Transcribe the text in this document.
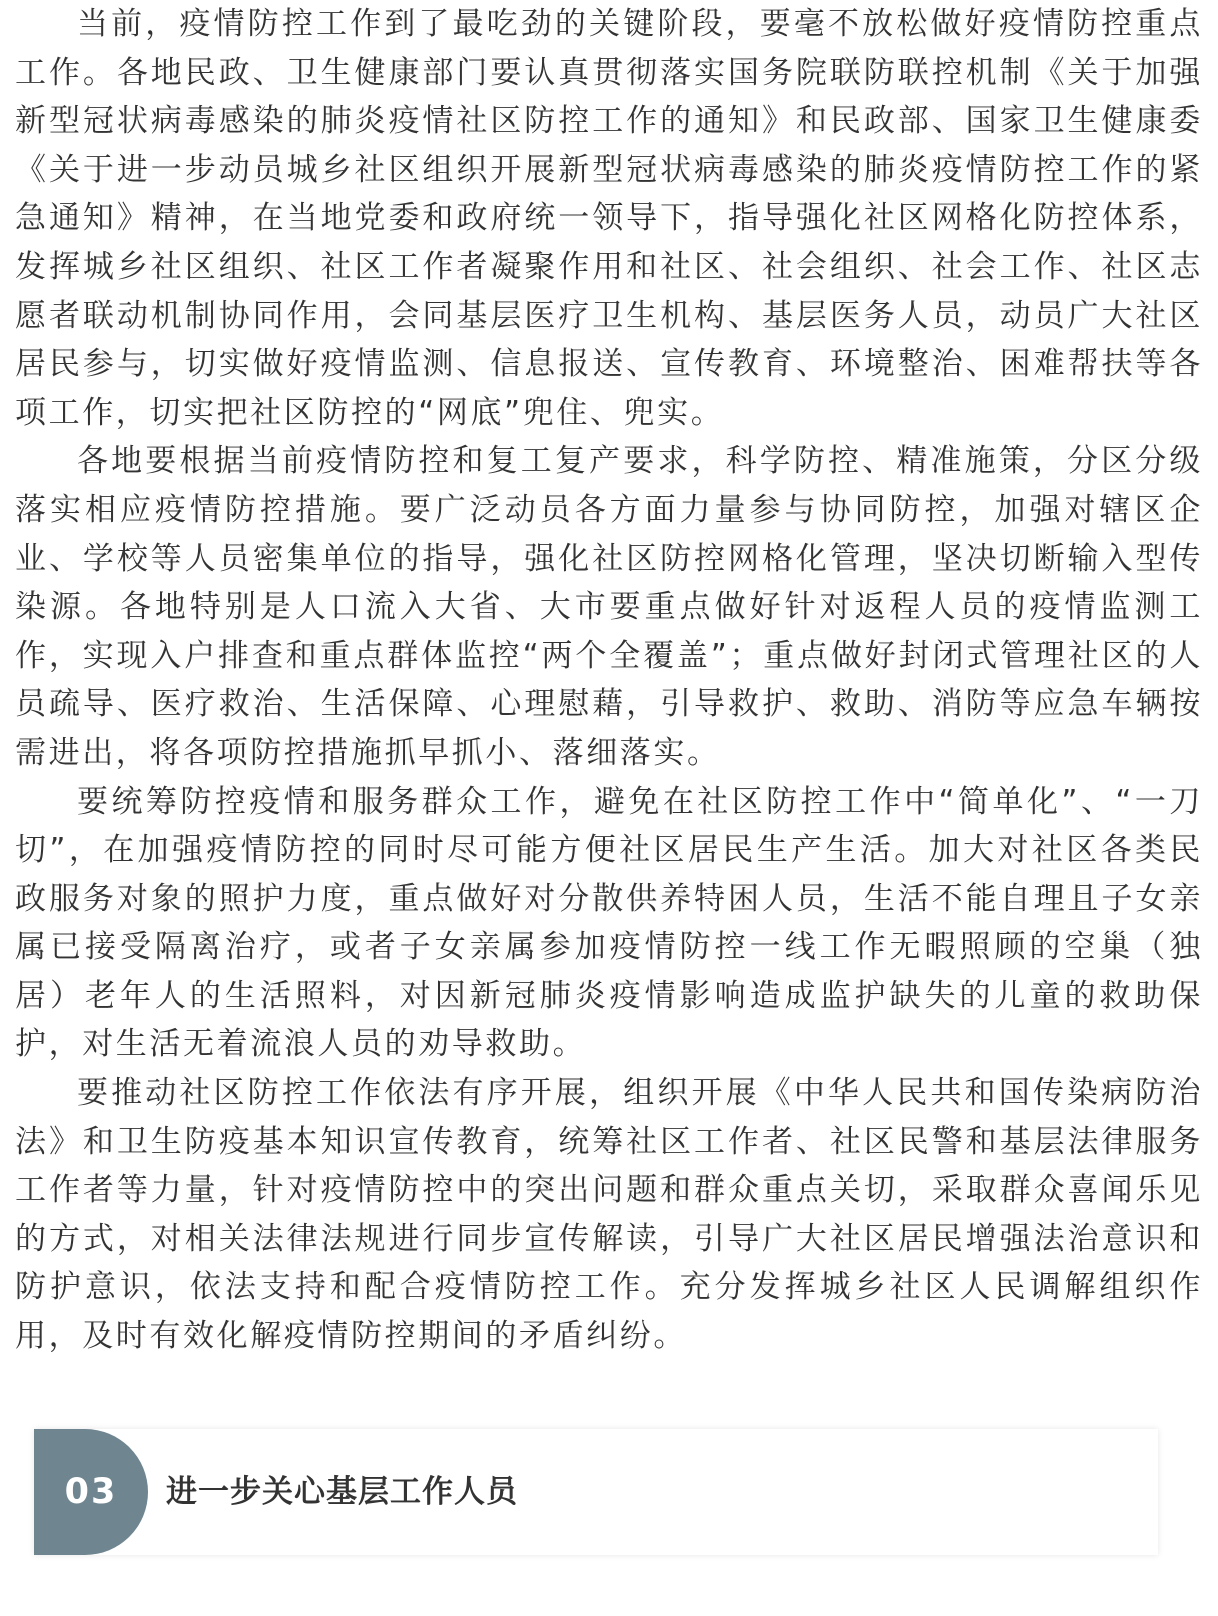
当前，疫情防控工作到了最吃劲的关键阶段，要毫不放松做好疫情防控重点工作。各地民政、卫生健康部门要认真贯彻落实国务院联防联控机制《关于加强新型冠状病毒感染的肺炎疫情社区防控工作的通知》和民政部、国家卫生健康委《关于进一步动员城乡社区组织开展新型冠状病毒感染的肺炎疫情防控工作的紧急通知》精神，在当地党委和政府统一领导下，指导强化社区网格化防控体系，发挥城乡社区组织、社区工作者凝聚作用和社区、社会组织、社会工作、社区志愿者联动机制协同作用，会同基层医疗卫生机构、基层医务人员，动员广大社区居民参与，切实做好疫情监测、信息报送、宣传教育、环境整治、困难帮扶等各项工作，切实把社区防控的“网底”兜住、兜实。

各地要根据当前疫情防控和复工复产要求，科学防控、精准施策，分区分级落实相应疫情防控措施。要广泛动员各方面力量参与协同防控，加强对辖区企业、学校等人员密集单位的指导，强化社区防控网格化管理，坚决切断输入型传染源。各地特别是人口流入大省、大市要重点做好针对返程人员的疫情监测工作，实现入户排查和重点群体监控“两个全覆盖”；重点做好封闭式管理社区的人员疏导、医疗救治、生活保障、心理慰藉，引导救护、救助、消防等应急车辆按需进出，将各项防控措施抓早抓小、落细落实。

要统筹防控疫情和服务群众工作，避免在社区防控工作中“简单化”、“一刀切”，在加强疫情防控的同时尽可能方便社区居民生产生活。加大对社区各类民政服务对象的照护力度，重点做好对分散供养特困人员，生活不能自理且子女亲属已接受隔离治疗，或者子女亲属参加疫情防控一线工作无暇照顾的空巢（独居）老年人的生活照料，对因新冠肺炎疫情影响造成监护缺失的儿童的救助保护，对生活无着流浪人员的劝导救助。

要推动社区防控工作依法有序开展，组织开展《中华人民共和国传染病防治法》和卫生防疫基本知识宣传教育，统筹社区工作者、社区民警和基层法律服务工作者等力量，针对疫情防控中的突出问题和群众重点关切，采取群众喜闻乐见的方式，对相关法律法规进行同步宣传解读，引导广大社区居民增强法治意识和防护意识，依法支持和配合疫情防控工作。充分发挥城乡社区人民调解组织作用，及时有效化解疫情防控期间的矛盾纠纷。

03	进一步关心基层工作人员
